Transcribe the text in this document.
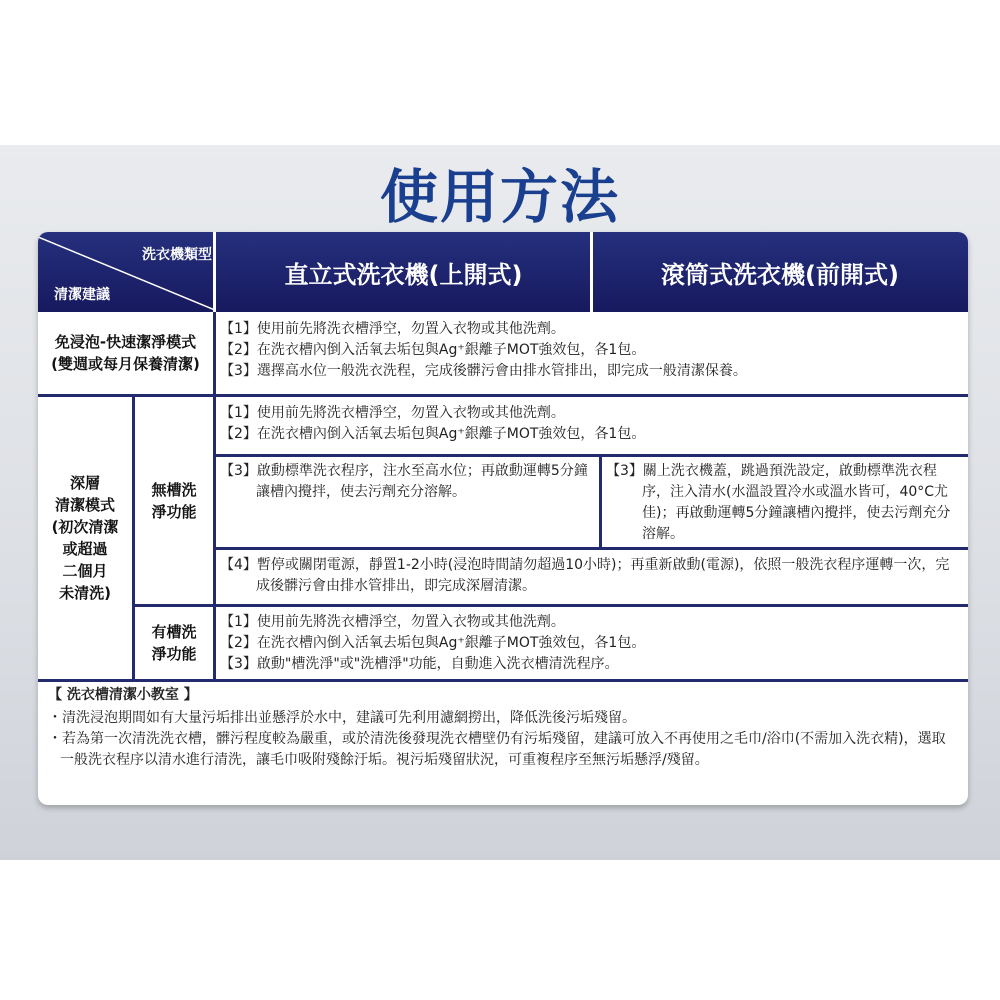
使用方法
洗衣機類型
清潔建議
直立式洗衣機(上開式)	滾筒式洗衣機(前開式)
免浸泡-快速潔淨模式
(雙週或每月保養清潔)
【1】使用前先將洗衣槽淨空，勿置入衣物或其他洗劑。
【2】在洗衣槽內倒入活氧去垢包與Ag⁺銀離子MOT強效包，各1包。
【3】選擇高水位一般洗衣洗程，完成後髒污會由排水管排出，即完成一般清潔保養。
深層
清潔模式
(初次清潔
或超過
二個月
未清洗)
無槽洗
淨功能
【1】使用前先將洗衣槽淨空，勿置入衣物或其他洗劑。
【2】在洗衣槽內倒入活氧去垢包與Ag⁺銀離子MOT強效包，各1包。
【3】啟動標準洗衣程序，注水至高水位；再啟動運轉5分鐘讓槽內攪拌，使去污劑充分溶解。
【3】關上洗衣機蓋，跳過預洗設定，啟動標準洗衣程序，注入清水(水溫設置冷水或溫水皆可，40°C尤佳)；再啟動運轉5分鐘讓槽內攪拌，使去污劑充分溶解。
【4】暫停或關閉電源，靜置1-2小時(浸泡時間請勿超過10小時)；再重新啟動(電源)，依照一般洗衣程序運轉一次，完成後髒污會由排水管排出，即完成深層清潔。
有槽洗
淨功能
【1】使用前先將洗衣槽淨空，勿置入衣物或其他洗劑。
【2】在洗衣槽內倒入活氧去垢包與Ag⁺銀離子MOT強效包，各1包。
【3】啟動"槽洗淨"或"洗槽淨"功能，自動進入洗衣槽清洗程序。
【 洗衣槽清潔小教室 】
・清洗浸泡期間如有大量污垢排出並懸浮於水中，建議可先利用濾網撈出，降低洗後污垢殘留。
・若為第一次清洗洗衣槽，髒污程度較為嚴重，或於清洗後發現洗衣槽壁仍有污垢殘留，建議可放入不再使用之毛巾/浴巾(不需加入洗衣精)，選取一般洗衣程序以清水進行清洗，讓毛巾吸附殘餘汙垢。視污垢殘留狀況，可重複程序至無污垢懸浮/殘留。
